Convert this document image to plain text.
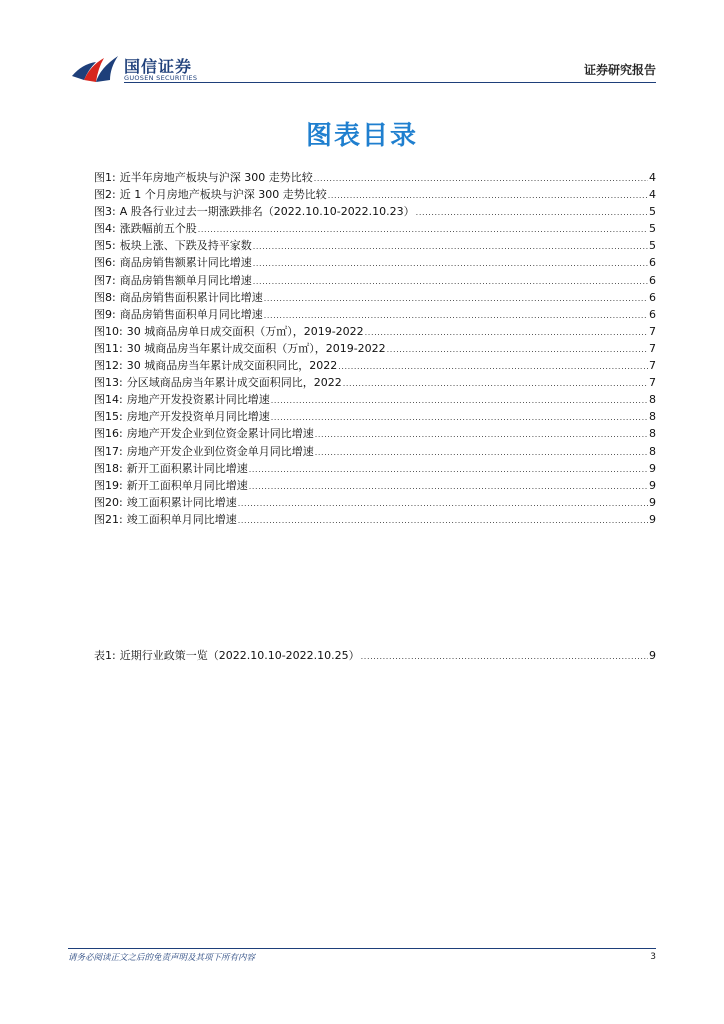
国信证券
GUOSEN SECURITIES
证券研究报告
图表目录
图1: 近半年房地产板块与沪深 300 走势比较 .....	4
图2: 近 1 个月房地产板块与沪深 300 走势比较 .....	4
图3: A 股各行业过去一期涨跌排名（2022.10.10-2022.10.23） .....	5
图4: 涨跌幅前五个股 .....	5
图5: 板块上涨、下跌及持平家数 .....	5
图6: 商品房销售额累计同比增速 .....	6
图7: 商品房销售额单月同比增速 .....	6
图8: 商品房销售面积累计同比增速 .....	6
图9: 商品房销售面积单月同比增速 .....	6
图10: 30 城商品房单日成交面积（万㎡），2019-2022 .....	7
图11: 30 城商品房当年累计成交面积（万㎡），2019-2022 .....	7
图12: 30 城商品房当年累计成交面积同比，2022 .....	7
图13: 分区域商品房当年累计成交面积同比，2022 .....	7
图14: 房地产开发投资累计同比增速 .....	8
图15: 房地产开发投资单月同比增速 .....	8
图16: 房地产开发企业到位资金累计同比增速 .....	8
图17: 房地产开发企业到位资金单月同比增速 .....	8
图18: 新开工面积累计同比增速 .....	9
图19: 新开工面积单月同比增速 .....	9
图20: 竣工面积累计同比增速 .....	9
图21: 竣工面积单月同比增速 .....	9
表1: 近期行业政策一览（2022.10.10-2022.10.25） .....	9
请务必阅读正文之后的免责声明及其项下所有内容	3
